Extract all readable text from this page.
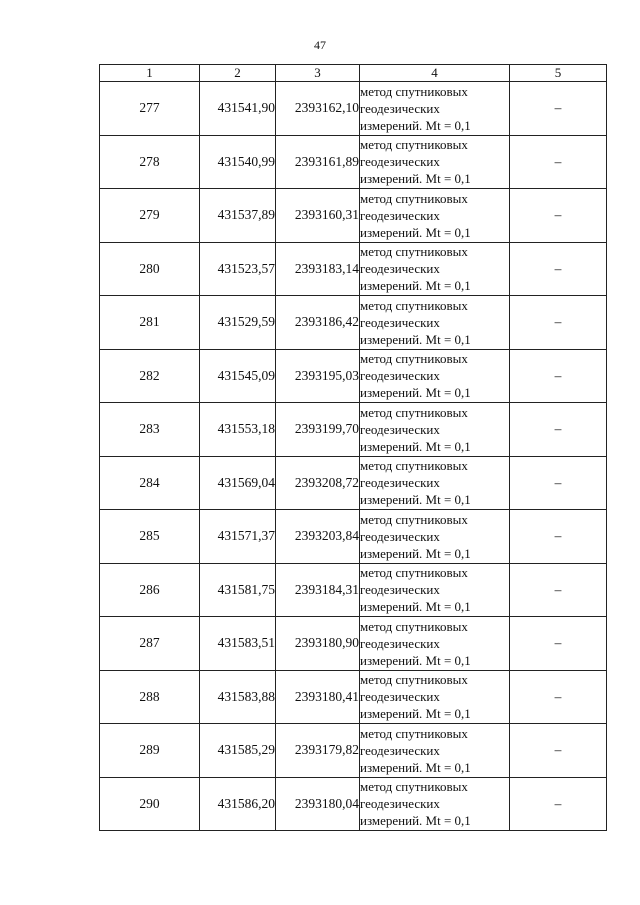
47
1	2	3	4	5
277	431541,90	2393162,10	метод спутниковых
геодезических
измерений. Mt = 0,1	–
278	431540,99	2393161,89	метод спутниковых
геодезических
измерений. Mt = 0,1	–
279	431537,89	2393160,31	метод спутниковых
геодезических
измерений. Mt = 0,1	–
280	431523,57	2393183,14	метод спутниковых
геодезических
измерений. Mt = 0,1	–
281	431529,59	2393186,42	метод спутниковых
геодезических
измерений. Mt = 0,1	–
282	431545,09	2393195,03	метод спутниковых
геодезических
измерений. Mt = 0,1	–
283	431553,18	2393199,70	метод спутниковых
геодезических
измерений. Mt = 0,1	–
284	431569,04	2393208,72	метод спутниковых
геодезических
измерений. Mt = 0,1	–
285	431571,37	2393203,84	метод спутниковых
геодезических
измерений. Mt = 0,1	–
286	431581,75	2393184,31	метод спутниковых
геодезических
измерений. Mt = 0,1	–
287	431583,51	2393180,90	метод спутниковых
геодезических
измерений. Mt = 0,1	–
288	431583,88	2393180,41	метод спутниковых
геодезических
измерений. Mt = 0,1	–
289	431585,29	2393179,82	метод спутниковых
геодезических
измерений. Mt = 0,1	–
290	431586,20	2393180,04	метод спутниковых
геодезических
измерений. Mt = 0,1	–
